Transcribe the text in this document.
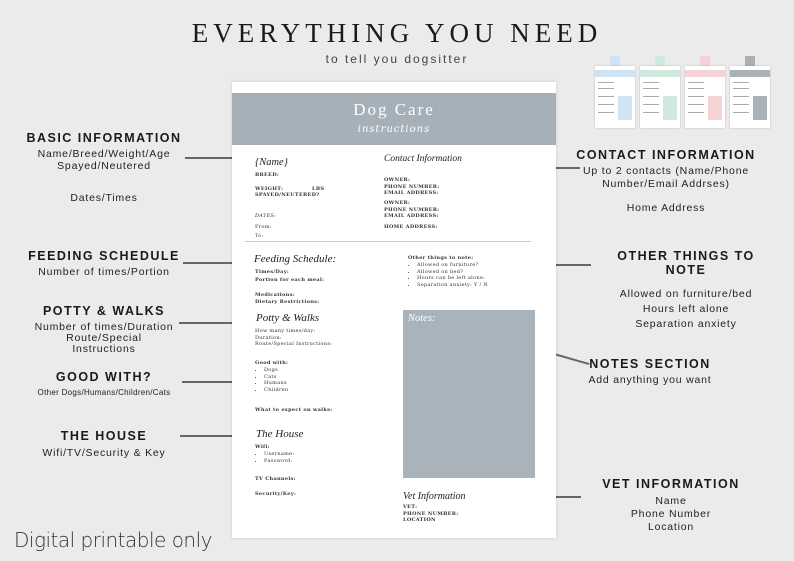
EVERYTHING YOU NEED
to tell you dogsitter
BASIC INFORMATION
Name/Breed/Weight/Age
Spayed/Neutered
Dates/Times
FEEDING SCHEDULE
Number of times/Portion
POTTY & WALKS
Number of times/Duration
Route/Special
Instructions
GOOD WITH?
Other Dogs/Humans/Children/Cats
THE HOUSE
Wifi/TV/Security & Key
CONTACT INFORMATION
Up to 2 contacts (Name/Phone
Number/Email Addrses)
Home Address
OTHER THINGS TO NOTE
Allowed on furniture/bed
Hours left alone
Separation anxiety
NOTES SECTION
Add anything you want
VET INFORMATION
Name
Phone Number
Location
Dog Care
instructions
{Name}
BREED:
WEIGHT:	LBS
SPAYED/NEUTERED?
DATES:
From:
To:
Contact Information
OWNER:
PHONE NUMBER:
EMAIL ADDRESS:
OWNER:
PHONE NUMBER:
EMAIL ADDRESS:
HOME ADDRESS:
Feeding Schedule:
Times/Day:
Portion for each meal:
Medications:
Dietary Restrictions:
Other things to note:
• Allowed on furniture?
• Allowed on bed?
• Hours can be left alone:
• Separation anxiety: Y / N
Potty & Walks
How many times/day:
Duration:
Route/Special Instructions:
Good with:
• Dogs
• Cats
• Humans
• Children
What to expect on walks:
Notes:
The House
Wifi:
• Username:
• Password:
TV Channels:
Security/Key:	Vet Information
VET:
PHONE NUMBER:
LOCATION
Digital printable only
